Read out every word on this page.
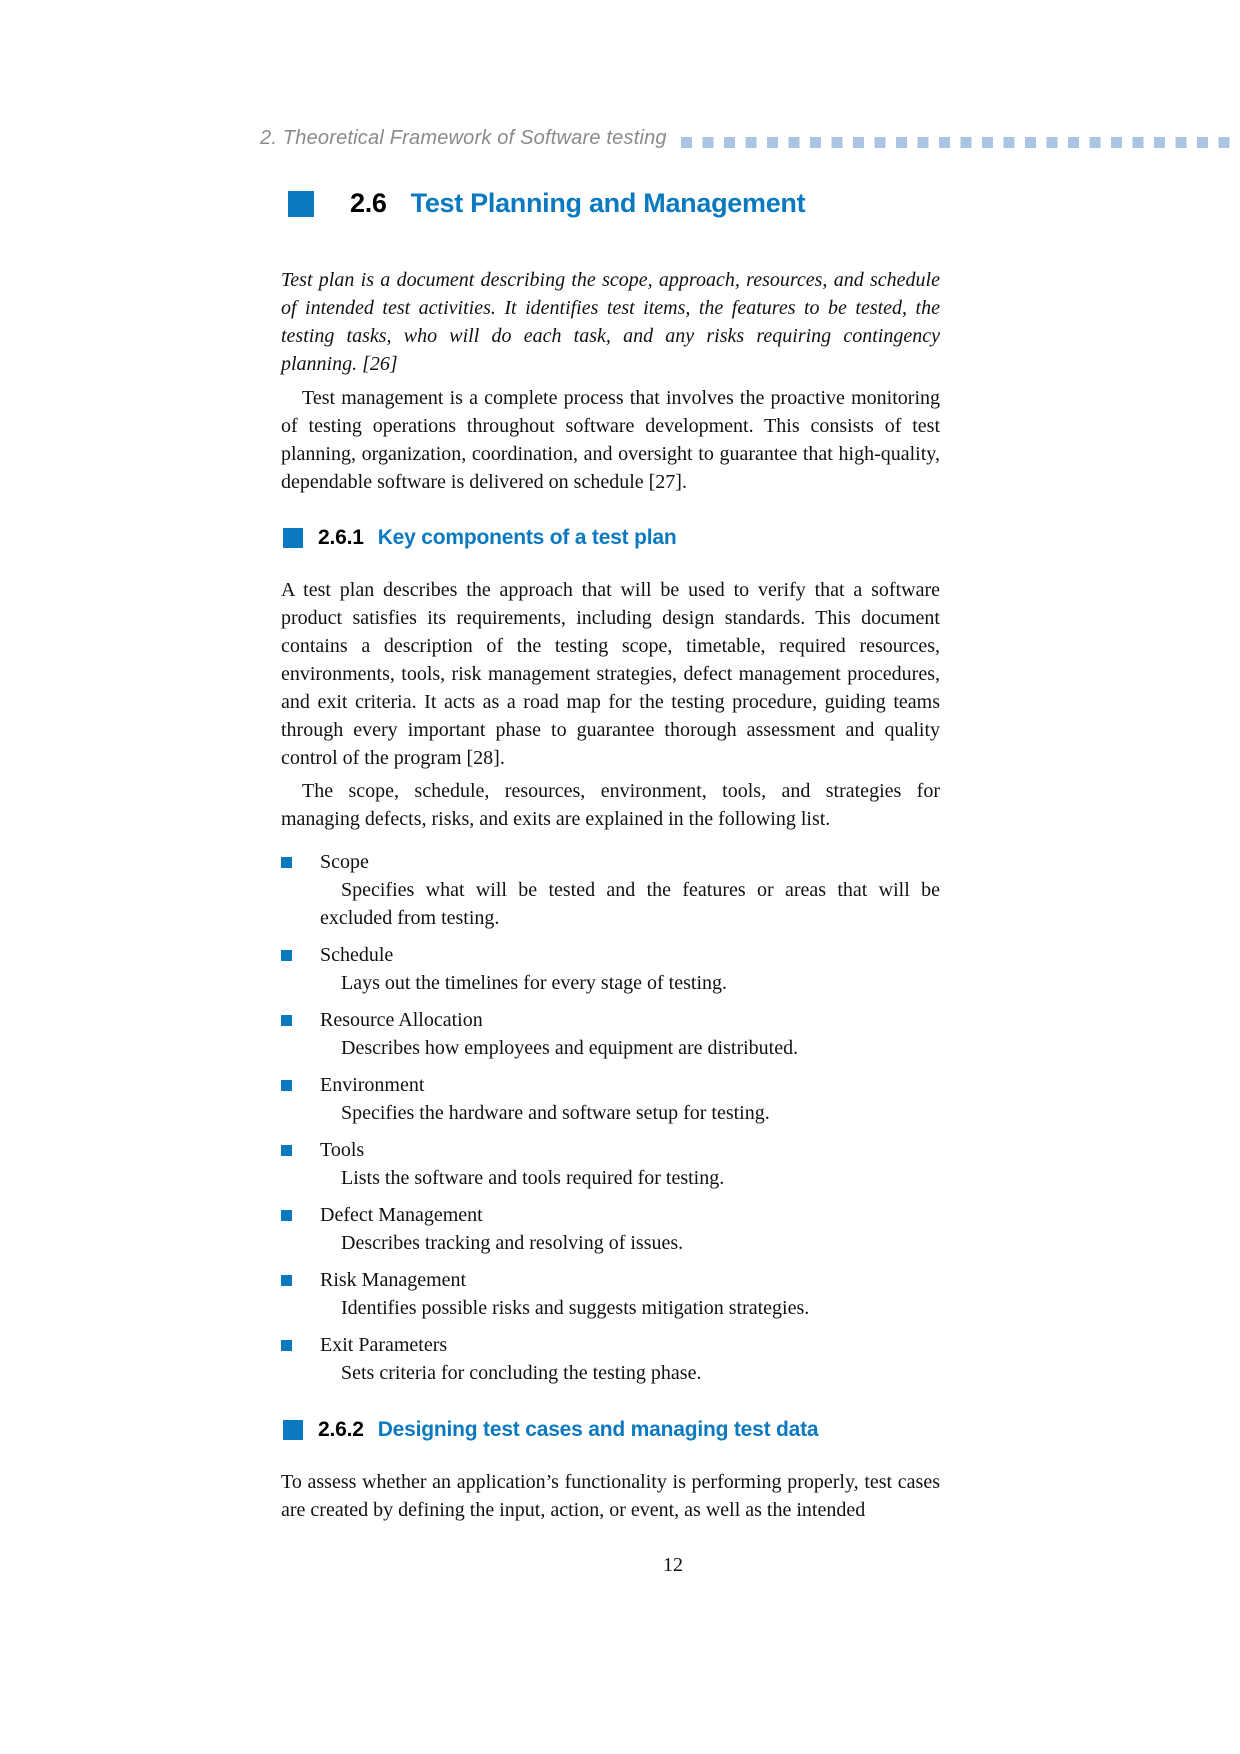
2. Theoretical Framework of Software testing
2.6 Test Planning and Management

Test plan is a document describing the scope, approach, resources, and schedule of intended test activities. It identifies test items, the features to be tested, the testing tasks, who will do each task, and any risks requiring contingency planning. [26]

Test management is a complete process that involves the proactive monitoring of testing operations throughout software development. This consists of test planning, organization, coordination, and oversight to guarantee that high-quality, dependable software is delivered on schedule [27].

2.6.1 Key components of a test plan

A test plan describes the approach that will be used to verify that a software product satisfies its requirements, including design standards. This document contains a description of the testing scope, timetable, required resources, environments, tools, risk management strategies, defect management procedures, and exit criteria. It acts as a road map for the testing procedure, guiding teams through every important phase to guarantee thorough assessment and quality control of the program [28].

The scope, schedule, resources, environment, tools, and strategies for managing defects, risks, and exits are explained in the following list.

Scope

Specifies what will be tested and the features or areas that will be excluded from testing.

Schedule

Lays out the timelines for every stage of testing.

Resource Allocation

Describes how employees and equipment are distributed.

Environment

Specifies the hardware and software setup for testing.

Tools

Lists the software and tools required for testing.

Defect Management

Describes tracking and resolving of issues.

Risk Management

Identifies possible risks and suggests mitigation strategies.

Exit Parameters

Sets criteria for concluding the testing phase.

2.6.2 Designing test cases and managing test data

To assess whether an application’s functionality is performing properly, test cases are created by defining the input, action, or event, as well as the intended

12
